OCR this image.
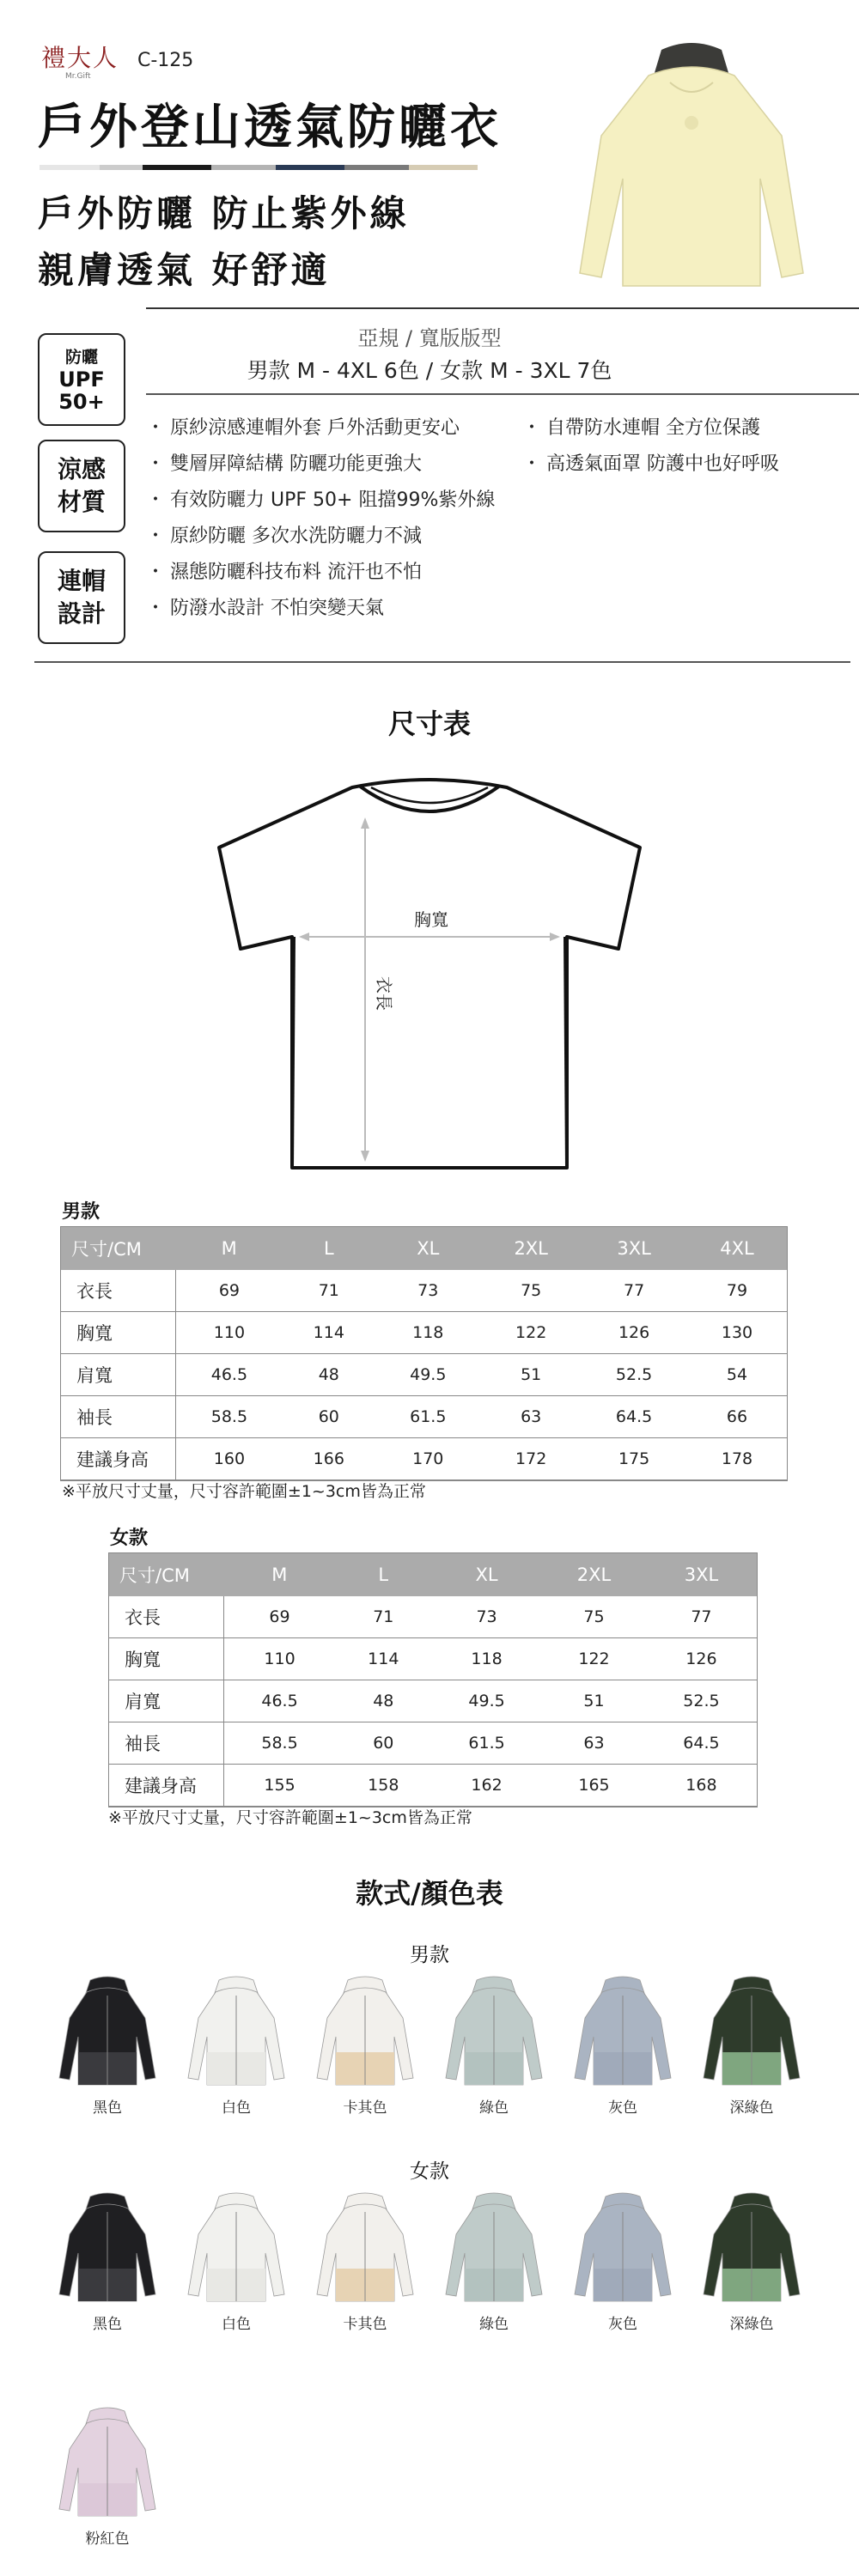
禮大人
Mr.Gift
C-125
戶外登山透氣防曬衣
戶外防曬 防止紫外線
親膚透氣 好舒適
亞規 / 寬版版型
男款 M - 4XL 6色 / 女款 M - 3XL 7色
防曬
UPF
50+
涼感
材質
連帽
設計
・ 原紗涼感連帽外套 戶外活動更安心
・ 雙層屏障結構 防曬功能更強大
・ 有效防曬力 UPF 50+ 阻擋99%紫外線
・ 原紗防曬 多次水洗防曬力不減
・ 濕態防曬科技布料 流汗也不怕
・ 防潑水設計 不怕突變天氣
・ 自帶防水連帽 全方位保護
・ 高透氣面罩 防護中也好呼吸
尺寸表
胸寬
衣長
男款
尺寸/CM	M	L	XL	2XL	3XL	4XL
衣長	69	71	73	75	77	79
胸寬	110	114	118	122	126	130
肩寬	46.5	48	49.5	51	52.5	54
袖長	58.5	60	61.5	63	64.5	66
建議身高	160	166	170	172	175	178
※平放尺寸丈量，尺寸容許範圍±1~3cm皆為正常
女款
尺寸/CM	M	L	XL	2XL	3XL
衣長	69	71	73	75	77
胸寬	110	114	118	122	126
肩寬	46.5	48	49.5	51	52.5
袖長	58.5	60	61.5	63	64.5
建議身高	155	158	162	165	168
※平放尺寸丈量，尺寸容許範圍±1~3cm皆為正常
款式/顏色表
男款
黑色	白色	卡其色	綠色	灰色	深綠色
女款
黑色	白色	卡其色	綠色	灰色	深綠色
粉紅色
